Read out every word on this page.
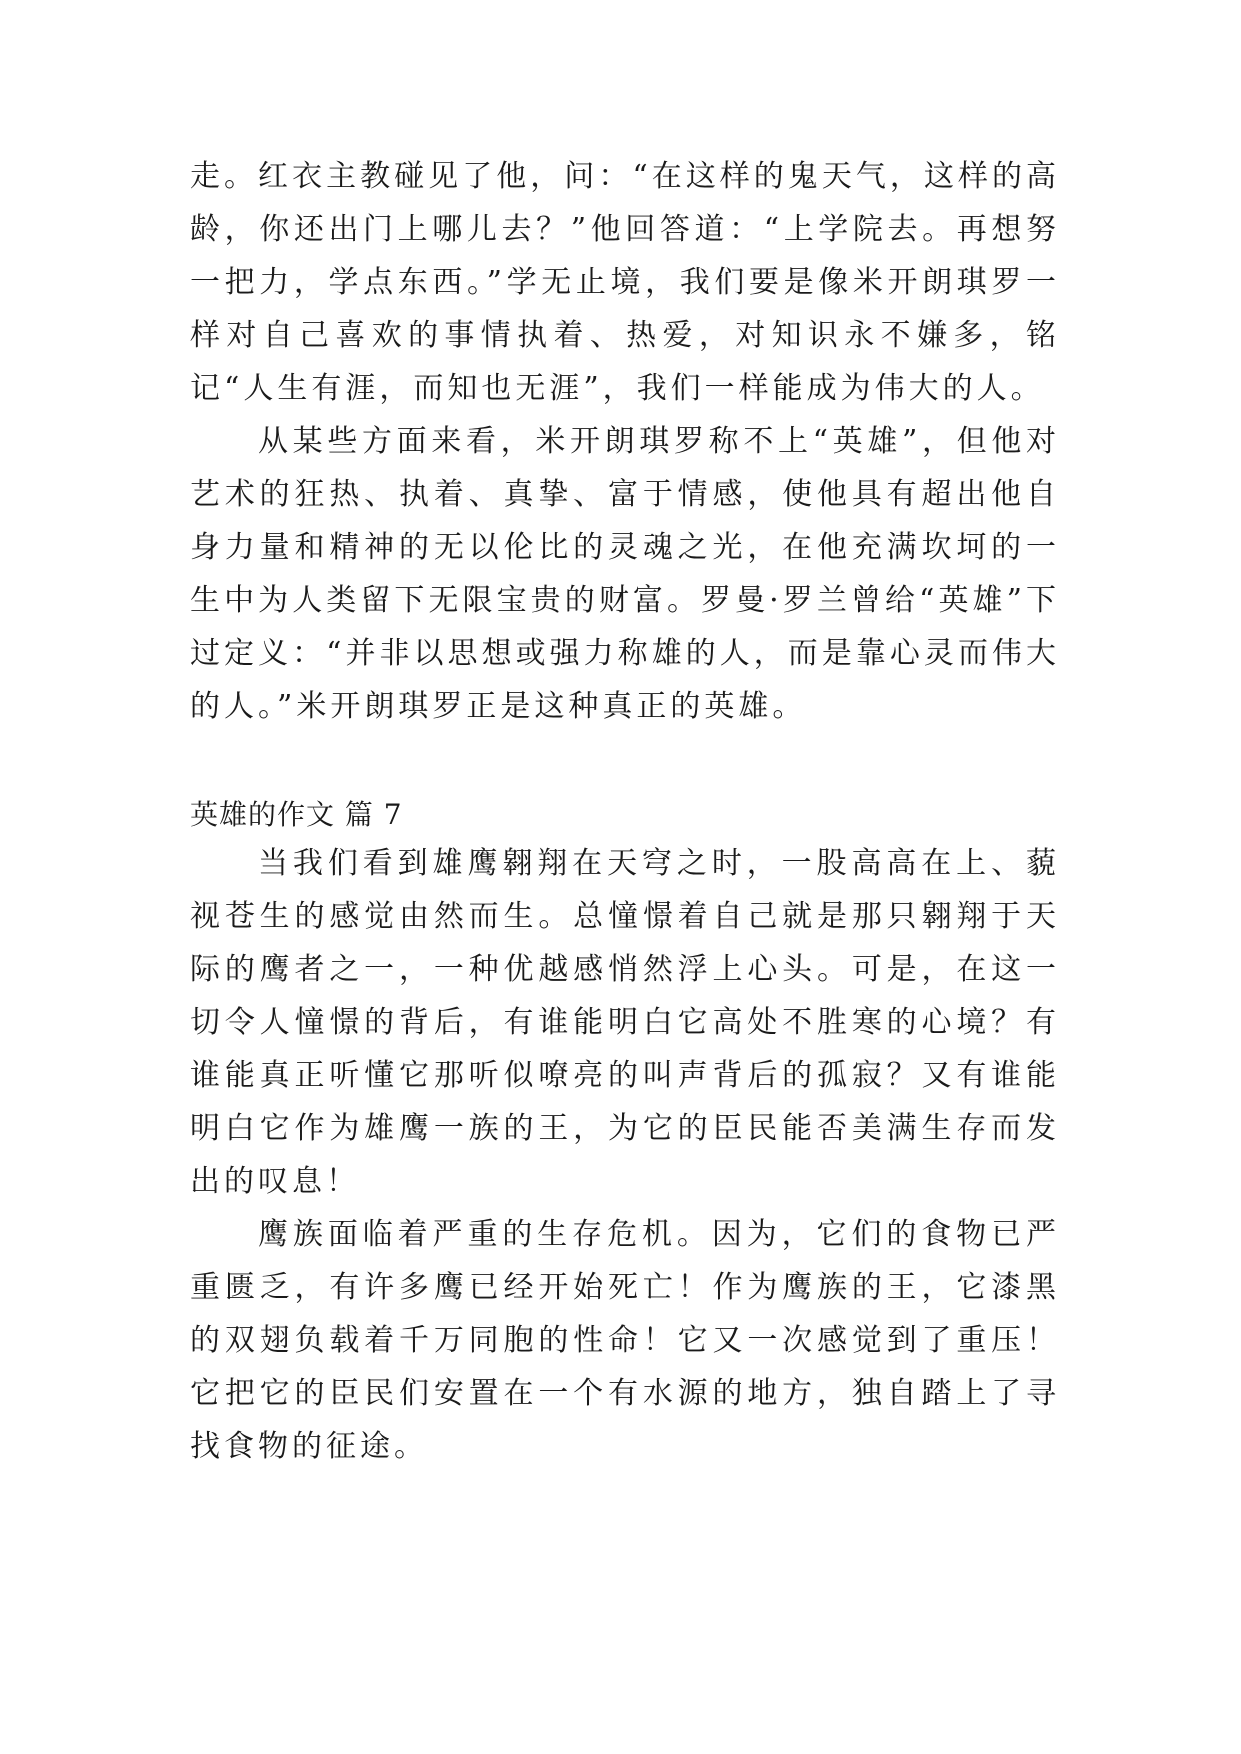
走。红衣主教碰见了他，问：“在这样的鬼天气，这样的高龄，你还出门上哪儿去？”他回答道：“上学院去。再想努一把力，学点东西。”学无止境，我们要是像米开朗琪罗一样对自己喜欢的事情执着、热爱，对知识永不嫌多，铭记“人生有涯，而知也无涯”，我们一样能成为伟大的人。

从某些方面来看，米开朗琪罗称不上“英雄”，但他对艺术的狂热、执着、真挚、富于情感，使他具有超出他自身力量和精神的无以伦比的灵魂之光，在他充满坎坷的一生中为人类留下无限宝贵的财富。罗曼·罗兰曾给“英雄”下过定义：“并非以思想或强力称雄的人，而是靠心灵而伟大的人。”米开朗琪罗正是这种真正的英雄。

英雄的作文 篇 7

当我们看到雄鹰翱翔在天穹之时，一股高高在上、藐视苍生的感觉由然而生。总憧憬着自己就是那只翱翔于天际的鹰者之一，一种优越感悄然浮上心头。可是，在这一切令人憧憬的背后，有谁能明白它高处不胜寒的心境？有谁能真正听懂它那听似嘹亮的叫声背后的孤寂？又有谁能明白它作为雄鹰一族的王，为它的臣民能否美满生存而发出的叹息！

鹰族面临着严重的生存危机。因为，它们的食物已严重匮乏，有许多鹰已经开始死亡！作为鹰族的王，它漆黑的双翅负载着千万同胞的性命！它又一次感觉到了重压！它把它的臣民们安置在一个有水源的地方，独自踏上了寻找食物的征途。
